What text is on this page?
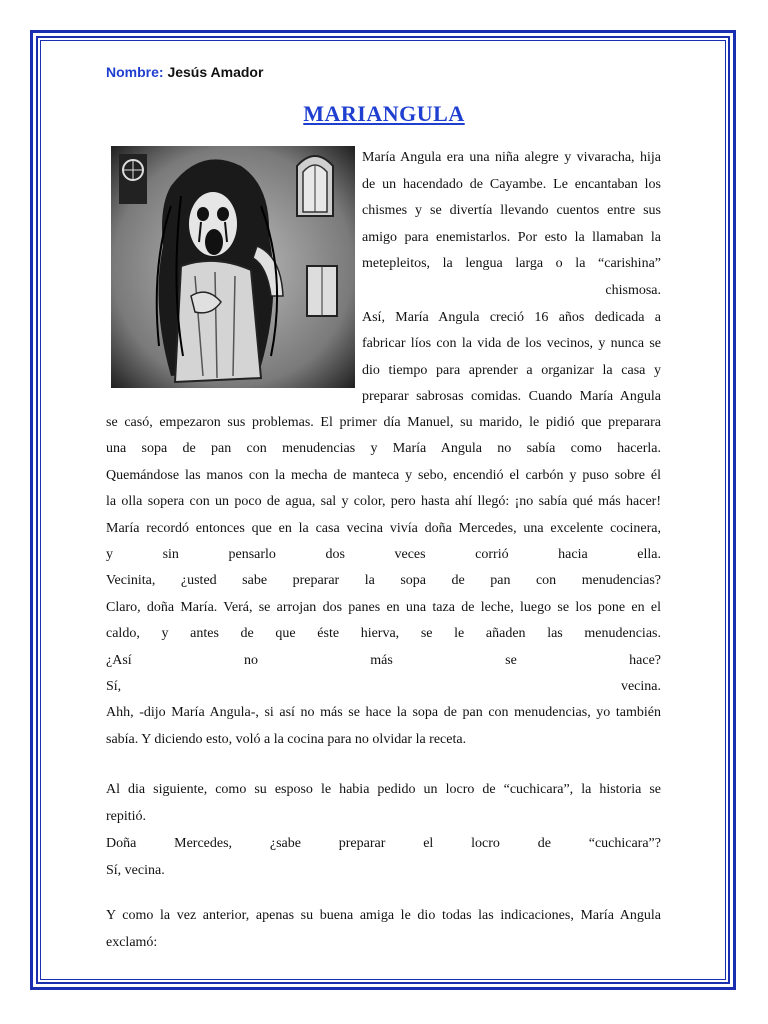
Nombre: Jesús Amador
MARIANGULA
María Angula era una niña alegre y vivaracha, hija
de un hacendado de Cayambe. Le encantaban los
chismes y se divertía llevando cuentos entre sus
amigo para enemistarlos. Por esto la llamaban la
metepleitos, la lengua larga o la “carishina”
chismosa.
Así, María Angula creció 16 años dedicada a
fabricar líos con la vida de los vecinos, y nunca se
dio tiempo para aprender a organizar la casa y
preparar sabrosas comidas. Cuando María Angula
se casó, empezaron sus problemas. El primer día Manuel, su marido, le pidió que preparara
una sopa de pan con menudencias y María Angula no sabía como hacerla.
Quemándose las manos con la mecha de manteca y sebo, encendió el carbón y puso sobre él
la olla sopera con un poco de agua, sal y color, pero hasta ahí llegó: ¡no sabía qué más hacer!
María recordó entonces que en la casa vecina vivía doña Mercedes, una excelente cocinera,
y sin pensarlo dos veces corrió hacia ella.
Vecinita, ¿usted sabe preparar la sopa de pan con menudencias?
Claro, doña María. Verá, se arrojan dos panes en una taza de leche, luego se los pone en el
caldo, y antes de que éste hierva, se le añaden las menudencias.
¿Así no más se hace?
Sí, vecina.
Ahh, -dijo María Angula-, si así no más se hace la sopa de pan con menudencias, yo también
sabía. Y diciendo esto, voló a la cocina para no olvidar la receta.
Al dia siguiente, como su esposo le habia pedido un locro de “cuchicara”, la historia se
repitió.
Doña Mercedes, ¿sabe preparar el locro de “cuchicara”?
Sí, vecina.
Y como la vez anterior, apenas su buena amiga le dio todas las indicaciones, María Angula
exclamó:
